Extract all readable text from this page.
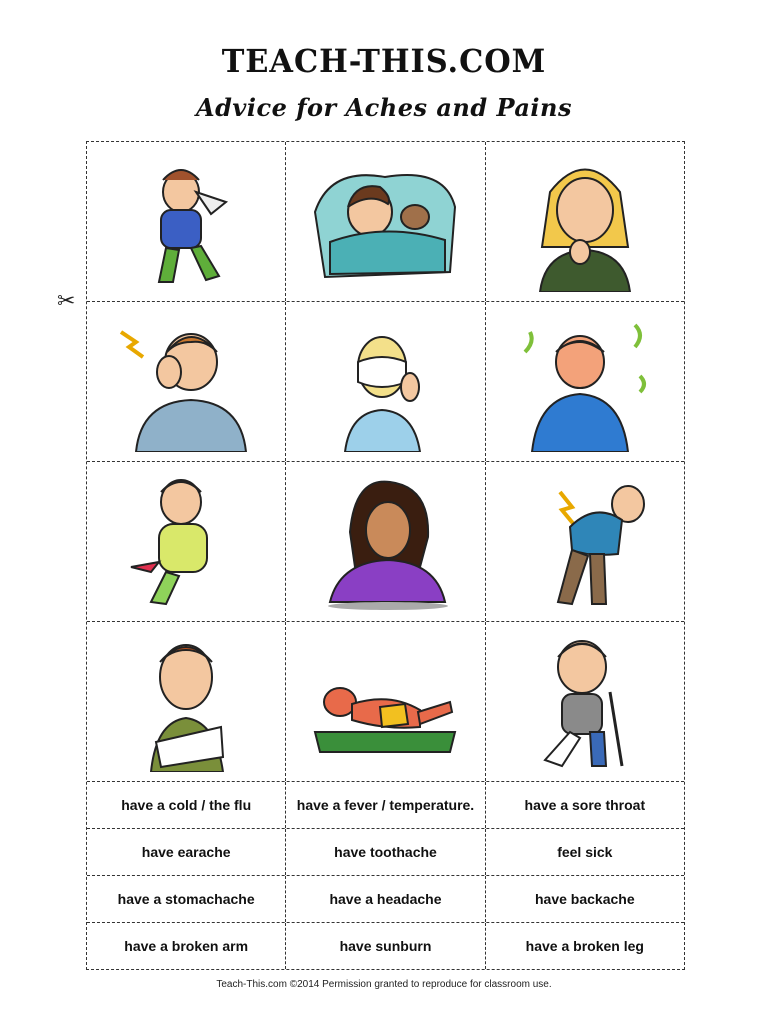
TEACH-THIS.COM
Advice for Aches and Pains
✂
have a cold / the flu	have a fever / temperature.	have a sore throat
have earache	have toothache	feel sick
have a stomachache	have a headache	have backache
have a broken arm	have sunburn	have a broken leg
Teach-This.com ©2014 Permission granted to reproduce for classroom use.
